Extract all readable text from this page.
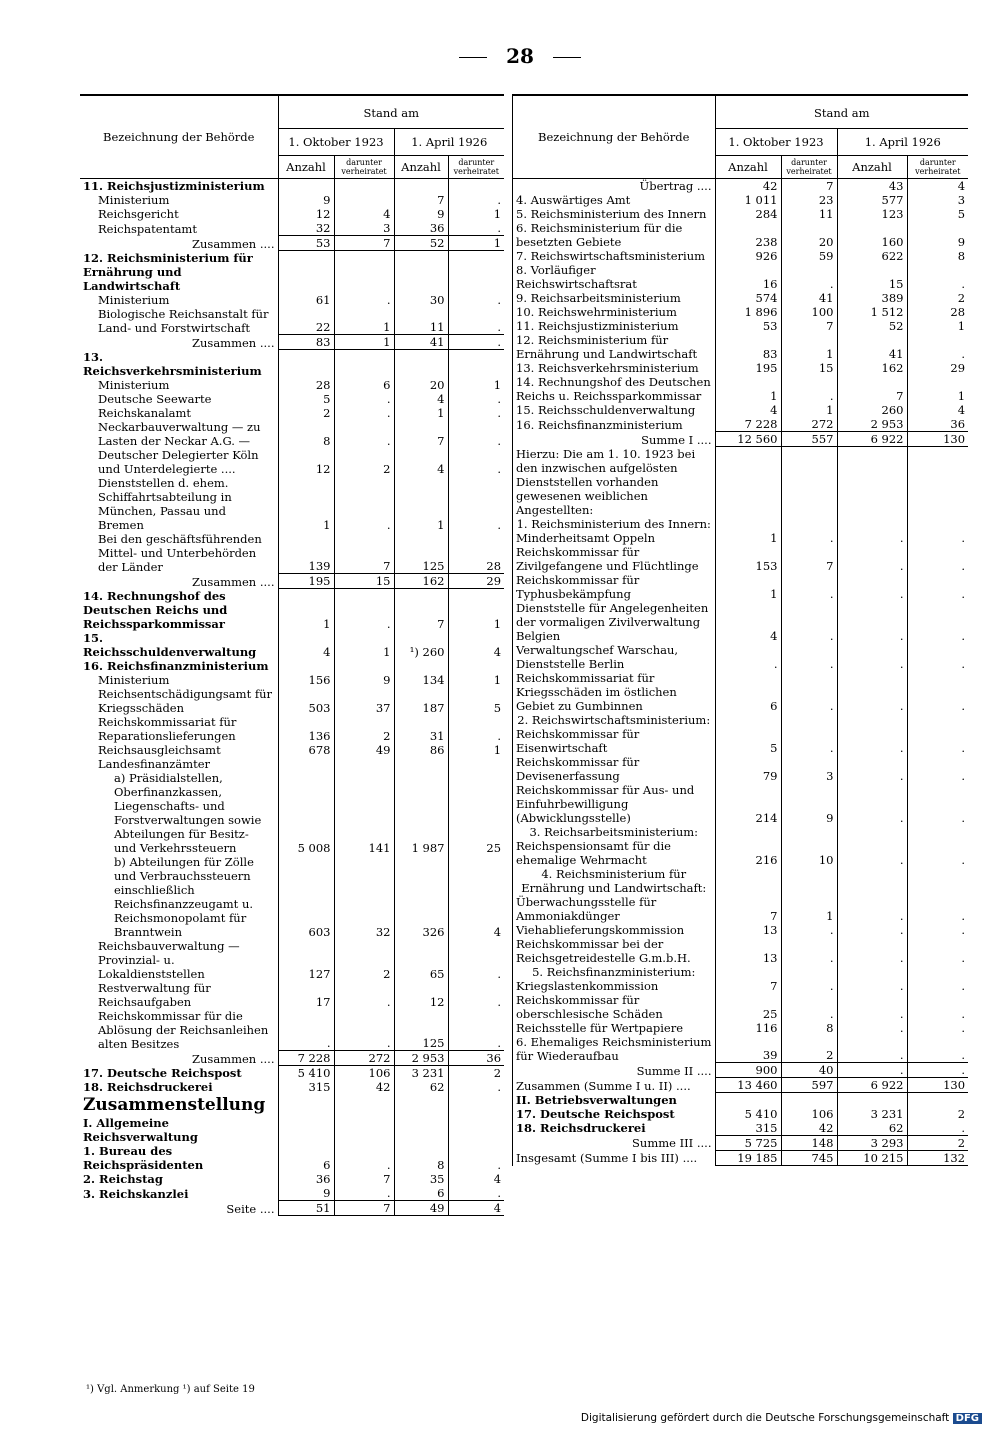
28
Bezeichnung der Behörde	Stand am			
	1. Oktober 1923		1. April 1926	
	Anzahl	darunter verheiratet	Anzahl	darunter verheiratet
11. Reichsjustizministerium				
Ministerium	9		7	.
Reichsgericht	12	4	9	1
Reichspatentamt	32	3	36	.
Zusammen ....	53	7	52	1
12. Reichsministerium für Ernährung und Landwirtschaft				
Ministerium	61	.	30	.
Biologische Reichsanstalt für Land- und Forstwirtschaft	22	1	11	.
Zusammen ....	83	1	41	.
13. Reichsverkehrsministerium				
Ministerium	28	6	20	1
Deutsche Seewarte	5	.	4	.
Reichskanalamt	2	.	1	.
Neckarbauverwaltung — zu Lasten der Neckar A.G. —	8	.	7	.
Deutscher Delegierter Köln und Unterdelegierte ....	12	2	4	.
Dienststellen d. ehem. Schiffahrtsabteilung in München, Passau und Bremen	1	.	1	.
Bei den geschäftsführenden Mittel- und Unterbehörden der Länder	139	7	125	28
Zusammen ....	195	15	162	29
14. Rechnungshof des Deutschen Reichs und Reichssparkommissar	1	.	7	1
15. Reichsschuldenverwaltung	4	1	¹) 260	4
16. Reichsfinanzministerium				
Ministerium	156	9	134	1
Reichsentschädigungsamt für Kriegsschäden	503	37	187	5
Reichskommissariat für Reparationslieferungen	136	2	31	.
Reichsausgleichsamt	678	49	86	1
Landesfinanzämter				
a) Präsidialstellen, Oberfinanzkassen, Liegenschafts- und Forstverwaltungen sowie Abteilungen für Besitz- und Verkehrssteuern	5 008	141	1 987	25
b) Abteilungen für Zölle und Verbrauchssteuern einschließlich Reichsfinanzzeugamt u. Reichsmonopolamt für Branntwein	603	32	326	4
Reichsbauverwaltung — Provinzial- u. Lokaldienststellen	127	2	65	.
Restverwaltung für Reichsaufgaben	17	.	12	.
Reichskommissar für die Ablösung der Reichsanleihen alten Besitzes	.	.	125	.
Zusammen ....	7 228	272	2 953	36
17. Deutsche Reichspost	5 410	106	3 231	2
18. Reichsdruckerei	315	42	62	.
Zusammenstellung				
I. Allgemeine Reichsverwaltung				
1. Bureau des Reichspräsidenten	6	.	8	.
2. Reichstag	36	7	35	4
3. Reichskanzlei	9	.	6	.
Seite ....	51	7	49	4
Bezeichnung der Behörde	Stand am			
	1. Oktober 1923		1. April 1926	
	Anzahl	darunter verheiratet	Anzahl	darunter verheiratet
Übertrag ....	42	7	43	4
4. Auswärtiges Amt	1 011	23	577	3
5. Reichsministerium des Innern	284	11	123	5
6. Reichsministerium für die besetzten Gebiete	238	20	160	9
7. Reichswirtschaftsministerium	926	59	622	8
8. Vorläufiger Reichswirtschaftsrat	16	.	15	.
9. Reichsarbeitsministerium	574	41	389	2
10. Reichswehrministerium	1 896	100	1 512	28
11. Reichsjustizministerium	53	7	52	1
12. Reichsministerium für Ernährung und Landwirtschaft	83	1	41	.
13. Reichsverkehrsministerium	195	15	162	29
14. Rechnungshof des Deutschen Reichs u. Reichssparkommissar	1	.	7	1
15. Reichsschuldenverwaltung	4	1	260	4
16. Reichsfinanzministerium	7 228	272	2 953	36
Summe I ....	12 560	557	6 922	130
Hierzu: Die am 1. 10. 1923 bei den inzwischen aufgelösten Dienststellen vorhanden gewesenen weiblichen Angestellten:				
1. Reichsministerium des Innern:				
Minderheitsamt Oppeln	1	.	.	.
Reichskommissar für Zivilgefangene und Flüchtlinge	153	7	.	.
Reichskommissar für Typhusbekämpfung	1	.	.	.
Dienststelle für Angelegenheiten der vormaligen Zivilverwaltung Belgien	4	.	.	.
Verwaltungschef Warschau, Dienststelle Berlin	.	.	.	.
Reichskommissariat für Kriegsschäden im östlichen Gebiet zu Gumbinnen	6	.	.	.
2. Reichswirtschaftsministerium:				
Reichskommissar für Eisenwirtschaft	5	.	.	.
Reichskommissar für Devisenerfassung	79	3	.	.
Reichskommissar für Aus- und Einfuhrbewilligung (Abwicklungsstelle)	214	9	.	.
3. Reichsarbeitsministerium:				
Reichspensionsamt für die ehemalige Wehrmacht	216	10	.	.
4. Reichsministerium für Ernährung und Landwirtschaft:				
Überwachungsstelle für Ammoniakdünger	7	1	.	.
Viehablieferungskommission	13	.	.	.
Reichskommissar bei der Reichsgetreidestelle G.m.b.H.	13	.	.	.
5. Reichsfinanzministerium:				
Kriegslastenkommission	7	.	.	.
Reichskommissar für oberschlesische Schäden	25	.	.	.
Reichsstelle für Wertpapiere	116	8	.	.
6. Ehemaliges Reichsministerium für Wiederaufbau	39	2	.	.
Summe II ....	900	40	.	.
Zusammen (Summe I u. II) ....	13 460	597	6 922	130
II. Betriebsverwaltungen				
17. Deutsche Reichspost	5 410	106	3 231	2
18. Reichsdruckerei	315	42	62	.
Summe III ....	5 725	148	3 293	2
Insgesamt (Summe I bis III) ....	19 185	745	10 215	132
¹) Vgl. Anmerkung ¹) auf Seite 19
Digitalisierung gefördert durch die Deutsche Forschungsgemeinschaft DFG
